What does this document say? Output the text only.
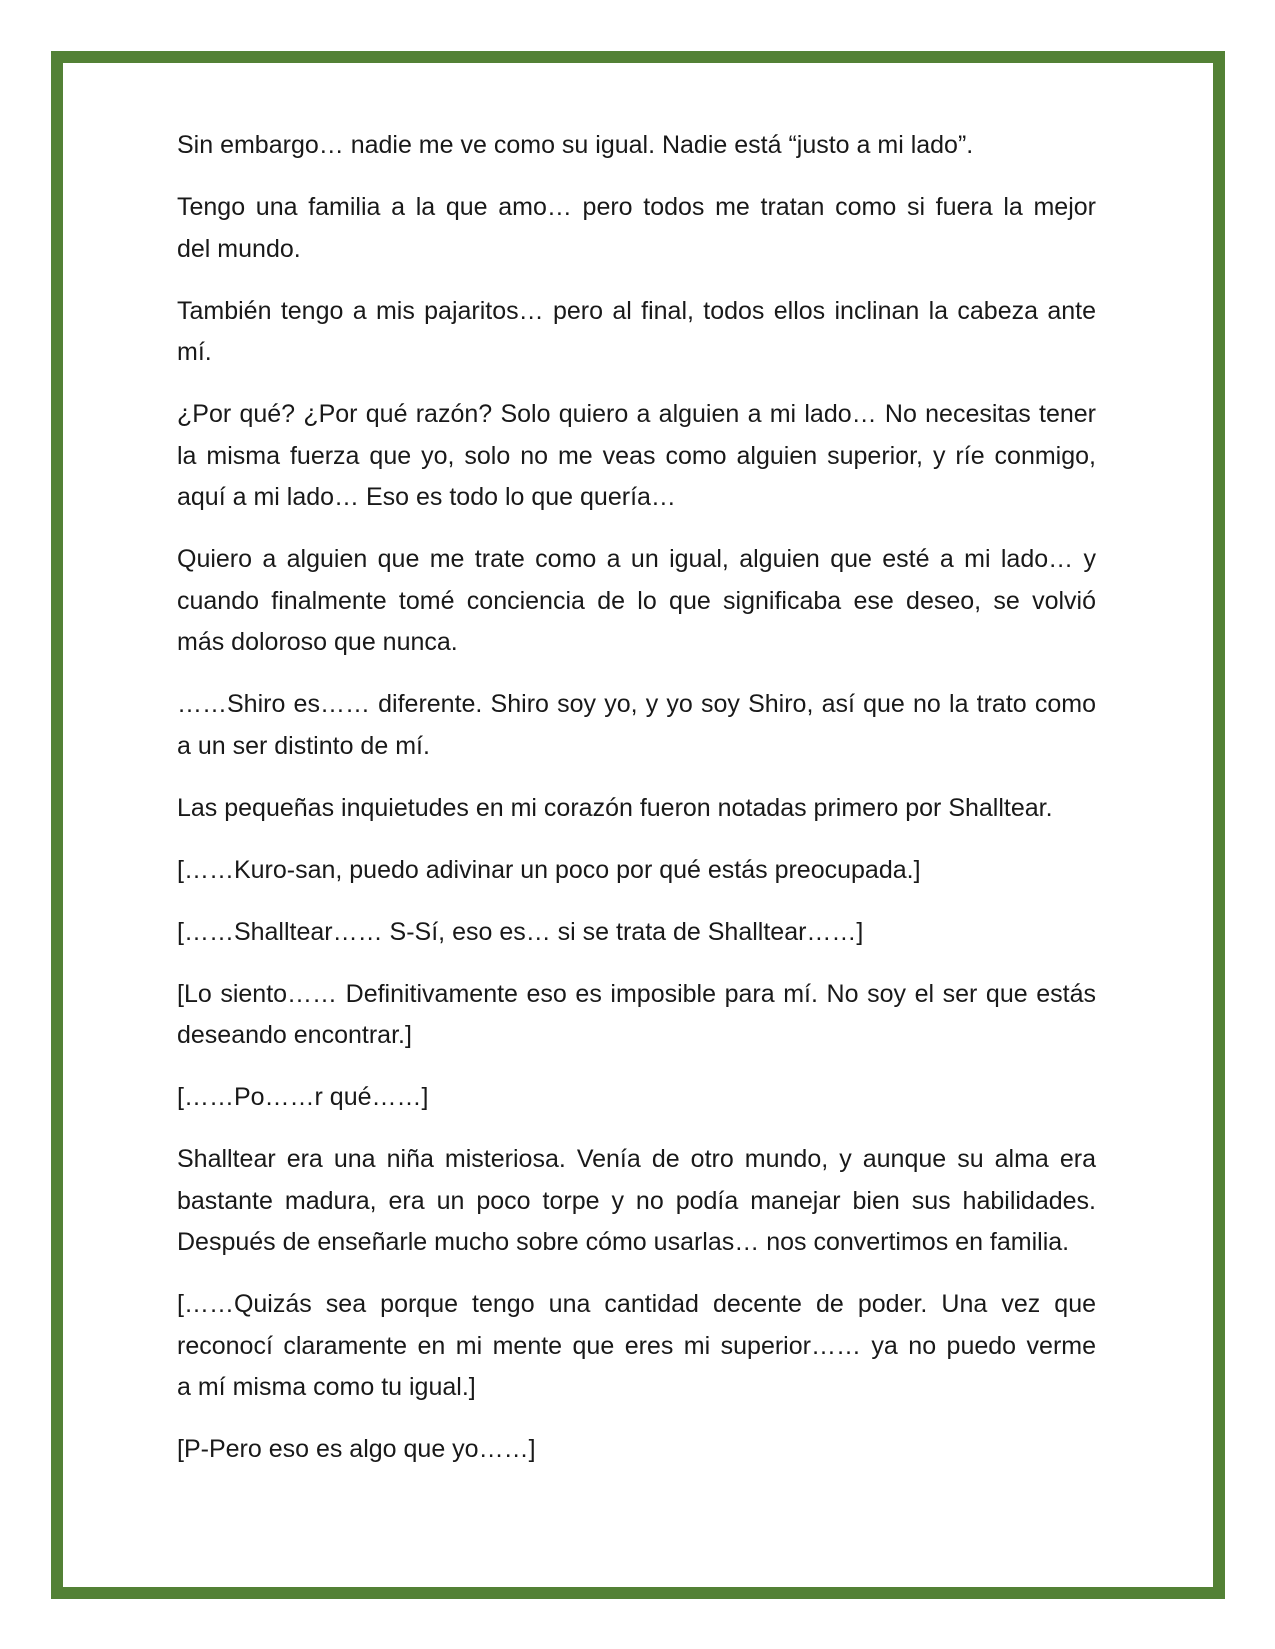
Sin embargo… nadie me ve como su igual. Nadie está “justo a mi lado”.

Tengo una familia a la que amo… pero todos me tratan como si fuera la mejor
del mundo.

También tengo a mis pajaritos… pero al final, todos ellos inclinan la cabeza ante
mí.

¿Por qué? ¿Por qué razón? Solo quiero a alguien a mi lado… No necesitas tener
la misma fuerza que yo, solo no me veas como alguien superior, y ríe conmigo,
aquí a mi lado… Eso es todo lo que quería…

Quiero a alguien que me trate como a un igual, alguien que esté a mi lado… y
cuando finalmente tomé conciencia de lo que significaba ese deseo, se volvió
más doloroso que nunca.

……Shiro es…… diferente. Shiro soy yo, y yo soy Shiro, así que no la trato como
a un ser distinto de mí.

Las pequeñas inquietudes en mi corazón fueron notadas primero por Shalltear.

[……Kuro-san, puedo adivinar un poco por qué estás preocupada.]

[……Shalltear…… S-Sí, eso es… si se trata de Shalltear……]

[Lo siento…… Definitivamente eso es imposible para mí. No soy el ser que estás
deseando encontrar.]

[……Po……r qué……]

Shalltear era una niña misteriosa. Venía de otro mundo, y aunque su alma era
bastante madura, era un poco torpe y no podía manejar bien sus habilidades.
Después de enseñarle mucho sobre cómo usarlas… nos convertimos en familia.

[……Quizás sea porque tengo una cantidad decente de poder. Una vez que
reconocí claramente en mi mente que eres mi superior…… ya no puedo verme
a mí misma como tu igual.]

[P-Pero eso es algo que yo……]
